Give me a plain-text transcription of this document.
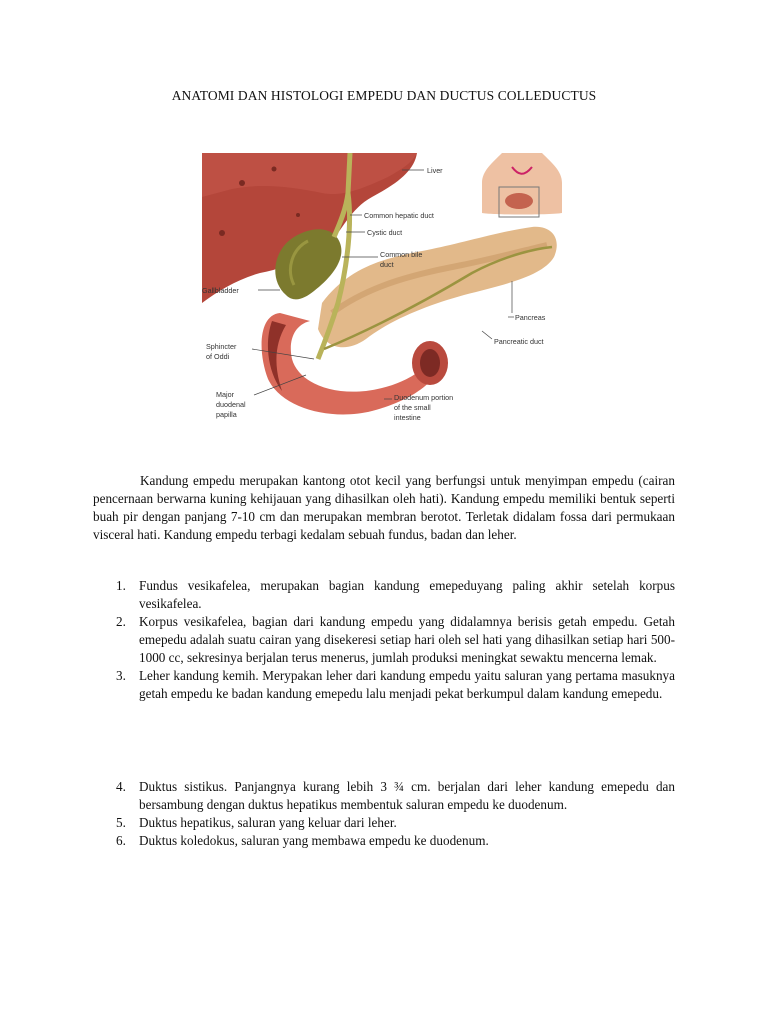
ANATOMI DAN HISTOLOGI EMPEDU DAN DUCTUS COLLEDUCTUS
Liver
Common hepatic duct
Cystic duct
Common bile
duct
Gallbladder
Pancreas
Pancreatic duct
Sphincter
of Oddi
Major
duodenal
papilla
Duodenum portion
of the small
intestine

Kandung empedu merupakan kantong otot kecil yang berfungsi untuk menyimpan empedu (cairan pencernaan berwarna kuning kehijauan yang dihasilkan oleh hati). Kandung empedu memiliki bentuk seperti buah pir dengan panjang 7-10 cm dan merupakan membran berotot. Terletak didalam fossa dari permukaan visceral hati. Kandung empedu terbagi kedalam sebuah fundus, badan dan leher.

1. Fundus vesikafelea, merupakan bagian kandung emepeduyang paling akhir setelah korpus vesikafelea.
2. Korpus vesikafelea, bagian dari kandung empedu yang didalamnya berisis getah empedu. Getah emepedu adalah suatu cairan yang disekeresi setiap hari oleh sel hati yang dihasilkan setiap hari 500-1000 cc, sekresinya berjalan terus menerus, jumlah produksi meningkat sewaktu mencerna lemak.
3. Leher kandung kemih. Merypakan leher dari kandung empedu yaitu saluran yang pertama masuknya getah empedu ke badan kandung emepedu lalu menjadi pekat berkumpul dalam kandung emepedu.
4. Duktus sistikus. Panjangnya kurang lebih 3 ¾ cm. berjalan dari leher kandung emepedu dan bersambung dengan duktus hepatikus membentuk saluran empedu ke duodenum.
5. Duktus hepatikus, saluran yang keluar dari leher.
6. Duktus koledokus, saluran yang membawa empedu ke duodenum.
